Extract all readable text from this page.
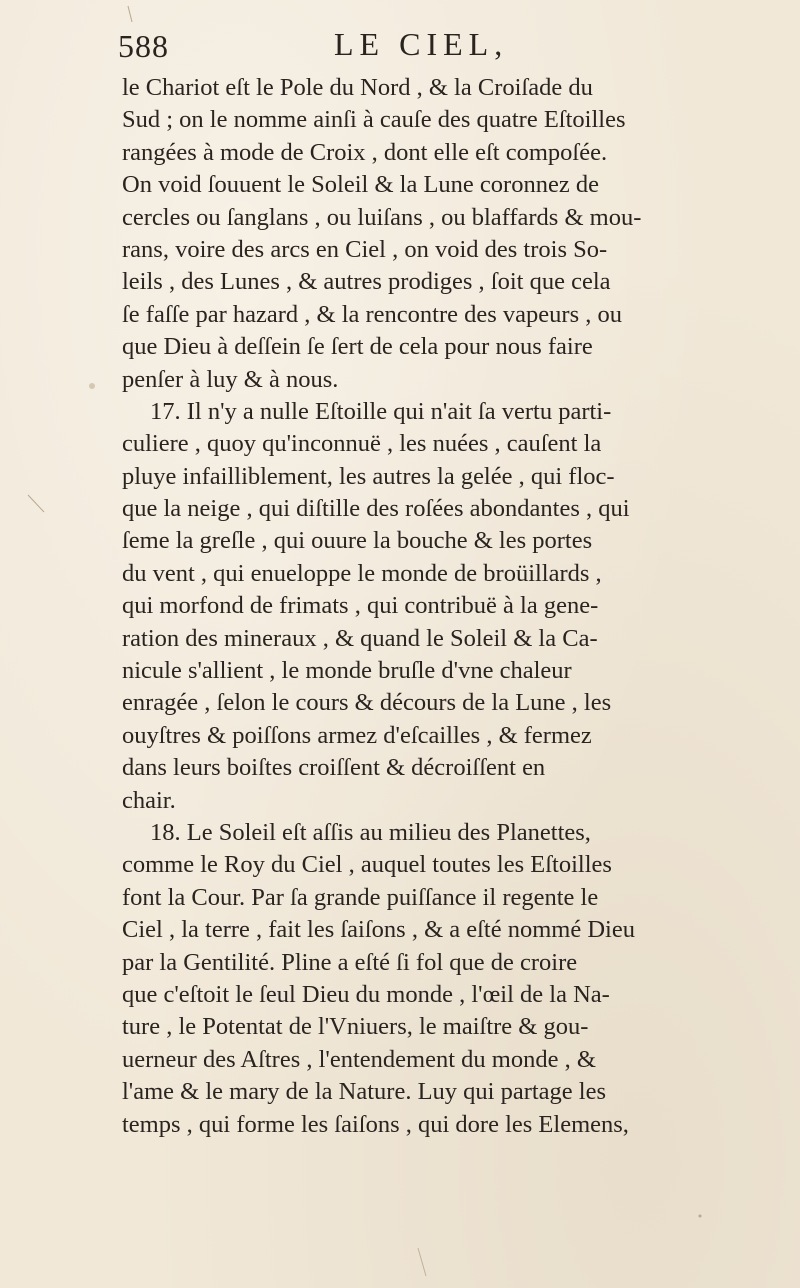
588	LE CIEL,
le Chariot eſt le Pole du Nord , & la Croiſade du
Sud ; on le nomme ainſi à cauſe des quatre Eſtoilles
rangées à mode de Croix , dont elle eſt compoſée.
On void ſouuent le Soleil & la Lune coronnez de
cercles ou ſanglans , ou luiſans , ou blaffards & mou-
rans, voire des arcs en Ciel , on void des trois So-
leils , des Lunes , & autres prodiges , ſoit que cela
ſe faſſe par hazard , & la rencontre des vapeurs , ou
que Dieu à deſſein ſe ſert de cela pour nous faire
penſer à luy & à nous.
17. Il n'y a nulle Eſtoille qui n'ait ſa vertu parti-
culiere , quoy qu'inconnuë , les nuées , cauſent la
pluye infailliblement, les autres la gelée , qui floc-
que la neige , qui diſtille des roſées abondantes , qui
ſeme la greſle , qui ouure la bouche & les portes
du vent , qui enueloppe le monde de broüillards ,
qui morfond de frimats , qui contribuë à la gene-
ration des mineraux , & quand le Soleil & la Ca-
nicule s'allient , le monde bruſle d'vne chaleur
enragée , ſelon le cours & décours de la Lune , les
ouyſtres & poiſſons armez d'eſcailles , & fermez
dans leurs boiſtes croiſſent & décroiſſent en
chair.
18. Le Soleil eſt aſſis au milieu des Planettes,
comme le Roy du Ciel , auquel toutes les Eſtoilles
font la Cour. Par ſa grande puiſſance il regente le
Ciel , la terre , fait les ſaiſons , & a eſté nommé Dieu
par la Gentilité. Pline a eſté ſi fol que de croire
que c'eſtoit le ſeul Dieu du monde , l'œil de la Na-
ture , le Potentat de l'Vniuers, le maiſtre & gou-
uerneur des Aſtres , l'entendement du monde , &
l'ame & le mary de la Nature. Luy qui partage les
temps , qui forme les ſaiſons , qui dore les Elemens,
